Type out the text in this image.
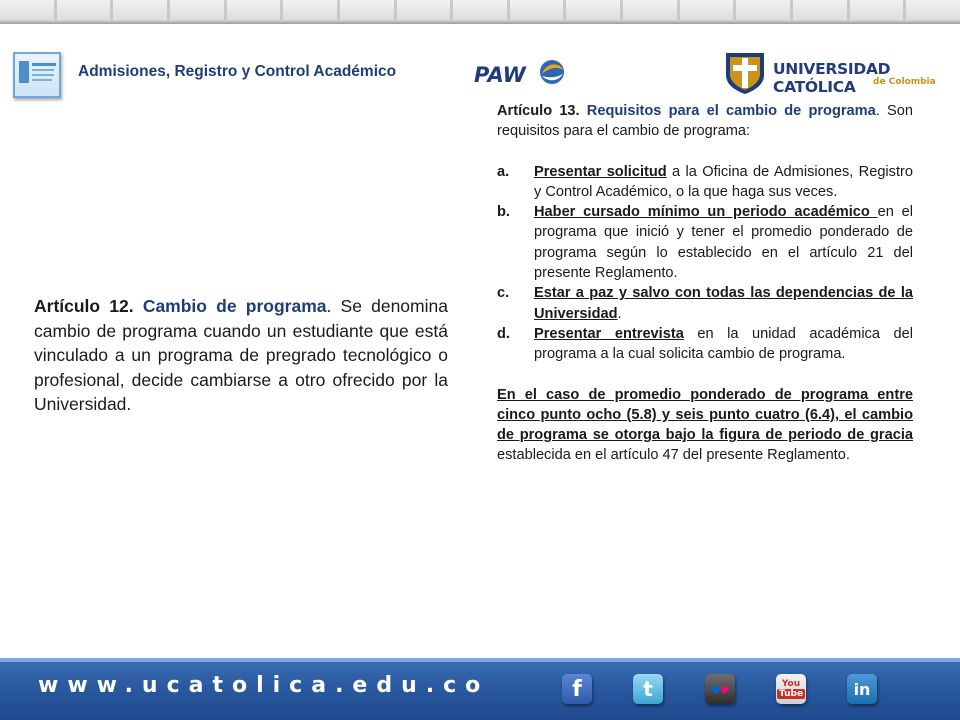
Admisiones, Registro y Control Académico	PAW	UNIVERSIDAD CATÓLICA	de Colombia
Artículo 12. Cambio de programa. Se denomina cambio de programa cuando un estudiante que está vinculado a un programa de pregrado tecnológico o profesional, decide cambiarse a otro ofrecido por la Universidad.

Artículo 13. Requisitos para el cambio de programa. Son requisitos para el cambio de programa:

a.	Presentar solicitud a la Oficina de Admisiones, Registro y Control Académico, o la que haga sus veces.
b.	Haber cursado mínimo un periodo académico en el programa que inició y tener el promedio ponderado de programa según lo establecido en el artículo 21 del presente Reglamento.
c.	Estar a paz y salvo con todas las dependencias de la Universidad.
d.	Presentar entrevista en la unidad académica del programa a la cual solicita cambio de programa.

En el caso de promedio ponderado de programa entre cinco punto ocho (5.8) y seis punto cuatro (6.4), el cambio de programa se otorga bajo la figura de periodo de gracia establecida en el artículo 47 del presente Reglamento.

www.ucatolica.edu.co	f	t	You
Tube	in
